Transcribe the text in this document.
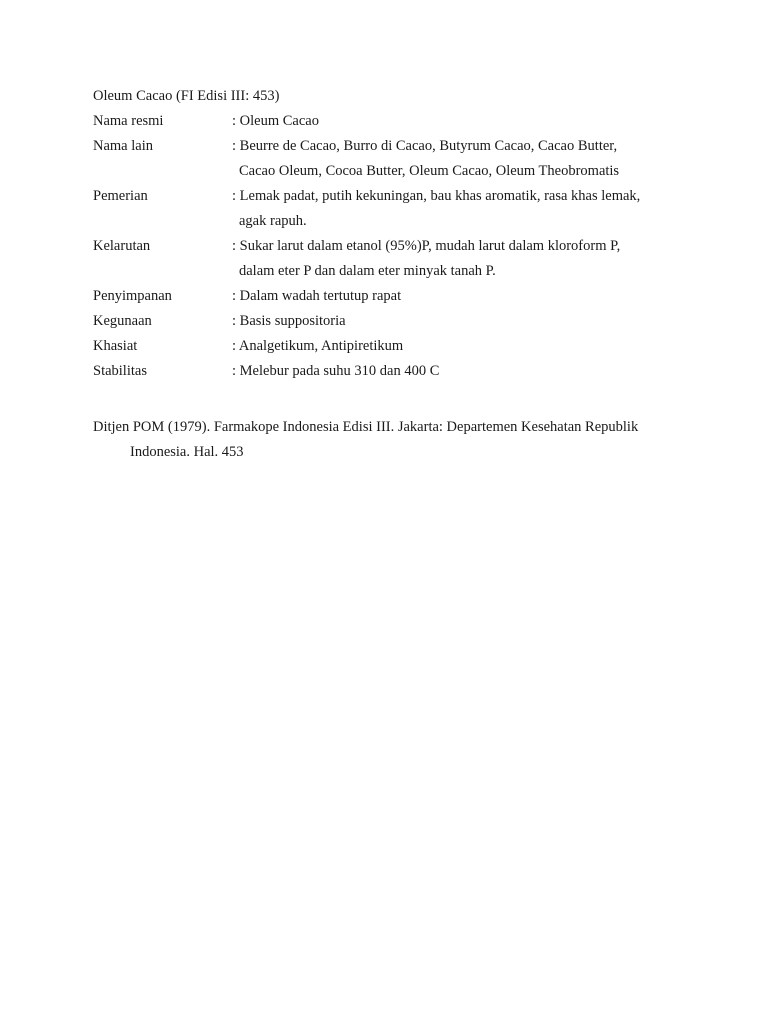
Oleum Cacao (FI Edisi III: 453)
Nama resmi	: Oleum Cacao
Nama lain	: Beurre de Cacao, Burro di Cacao, Butyrum Cacao, Cacao Butter,
Cacao Oleum, Cocoa Butter, Oleum Cacao, Oleum Theobromatis
Pemerian	: Lemak padat, putih kekuningan, bau khas aromatik, rasa khas lemak,
agak rapuh.
Kelarutan	: Sukar larut dalam etanol (95%)P, mudah larut dalam kloroform P,
dalam eter P dan dalam eter minyak tanah P.
Penyimpanan	: Dalam wadah tertutup rapat
Kegunaan	: Basis suppositoria
Khasiat	: Analgetikum, Antipiretikum
Stabilitas	: Melebur pada suhu 310 dan 400 C
Ditjen POM (1979). Farmakope Indonesia Edisi III. Jakarta: Departemen Kesehatan Republik
Indonesia. Hal. 453
